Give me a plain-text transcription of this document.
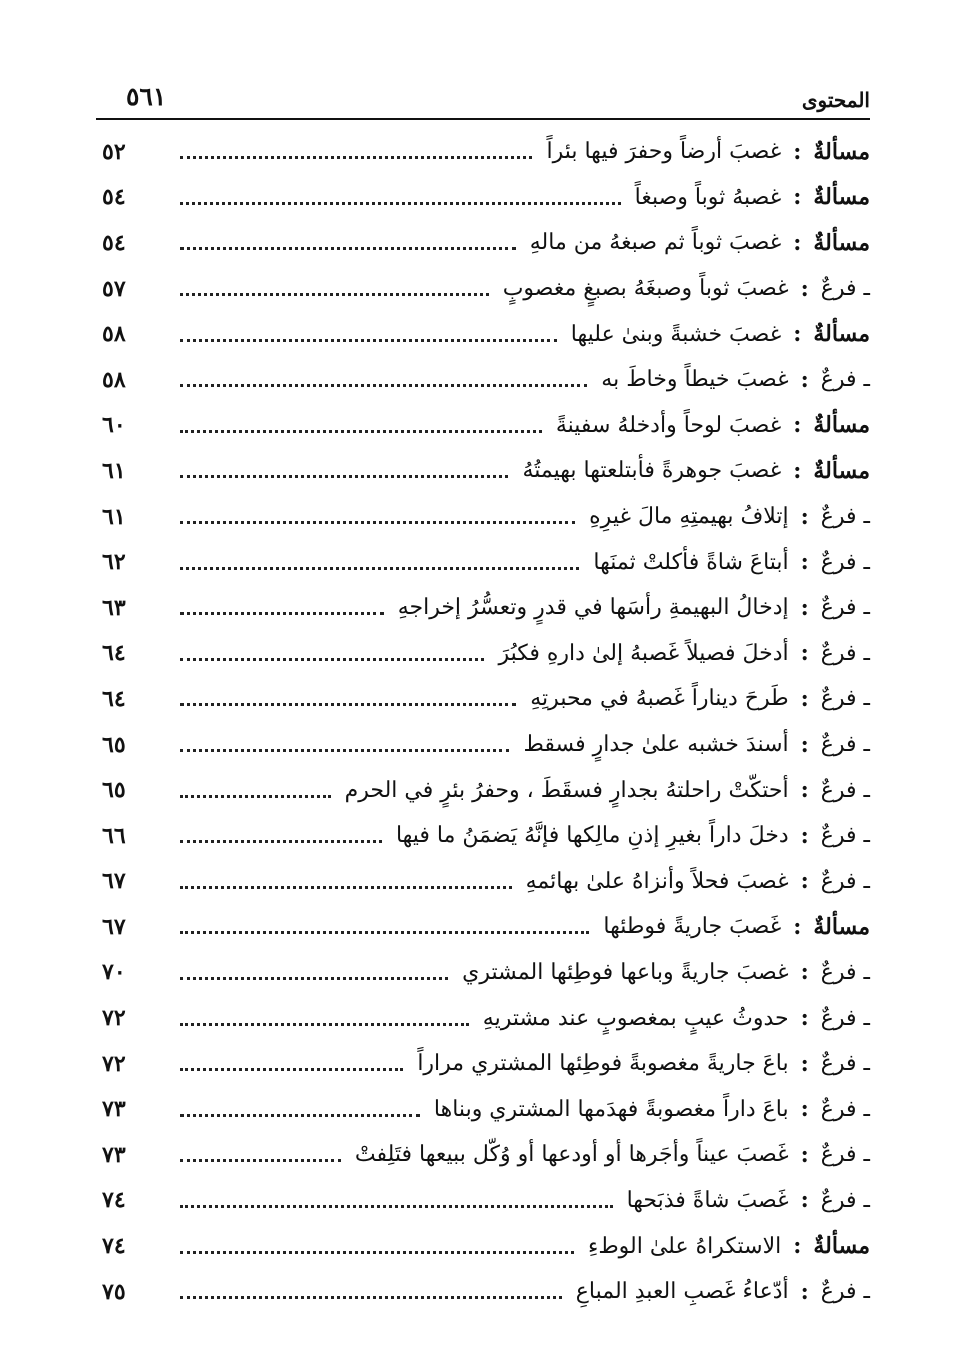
المحتوى
٥٦١
مسألةٌ
:
غصبَ أرضاً وحفرَ فيها بئراً
٥٢
مسألةٌ
:
غصبهُ ثوباً وصبغاً
٥٤
مسألةٌ
:
غصبَ ثوباً ثم صبغهُ من مالهِ
٥٤
ـ فرعٌ
:
غصبَ ثوباً وصبغَهُ بصبغٍ مغصوبٍ
٥٧
مسألةٌ
:
غصبَ خشبةً وبنىٰ عليها
٥٨
ـ فرعٌ
:
غصبَ خيطاً وخاطَ به
٥٨
مسألةٌ
:
غصبَ لوحاً وأدخلهُ سفينةً
٦٠
مسألةٌ
:
غصبَ جوهرةً فأبتلعتها بهيمتُهُ
٦١
ـ فرعٌ
:
إتلافُ بهيمتِهِ مالَ غيرِهِ
٦١
ـ فرعٌ
:
أبتاعَ شاةً فأكلتْ ثمنَها
٦٢
ـ فرعٌ
:
إدخالُ البهيمةِ رأسَها في قدرٍ وتعسُّرُ إخراجهِ
٦٣
ـ فرعٌ
:
أدخلَ فصيلاً غَصبهُ إلىٰ دارهِ فكبُرَ
٦٤
ـ فرعٌ
:
طَرحَ ديناراً غَصبهُ في محبرتِهِ
٦٤
ـ فرعٌ
:
أسندَ خشبه علىٰ جدارٍ فسقط
٦٥
ـ فرعٌ
:
أحتكّتْ راحلتهُ بجدارٍ فسقَطَ ، وحفرُ بئرٍ في الحرم
٦٥
ـ فرعٌ
:
دخلَ داراً بغيرِ إذنِ مالِكها فإنَّهُ يَضمَنُ ما فيها
٦٦
ـ فرعٌ
:
غصبَ فحلاً وأنزاهُ علىٰ بهائمهِ
٦٧
مسألةٌ
:
غَصبَ جاريةً فوطئها
٦٧
ـ فرعٌ
:
غصبَ جاريةً وباعها فوطِئها المشتري
٧٠
ـ فرعٌ
:
حدوثُ عيبٍ بمغصوبٍ عند مشتريهِ
٧٢
ـ فرعٌ
:
باعَ جاريةً مغصوبةً فوطِئها المشتري مراراً
٧٢
ـ فرعٌ
:
باعَ داراً مغصوبةً فهدَمها المشتري وبناها
٧٣
ـ فرعٌ
:
غَصبَ عيناً وأجَرها أو أودعها أو وُكّل ببيعها فتَلِفتْ
٧٣
ـ فرعٌ
:
غَصبَ شاةً فذبَحها
٧٤
مسألةٌ
:
الاستكراهُ علىٰ الوطءِ
٧٤
ـ فرعٌ
:
أدّعاءُ غَصبِ العبدِ المباعِ
٧٥
